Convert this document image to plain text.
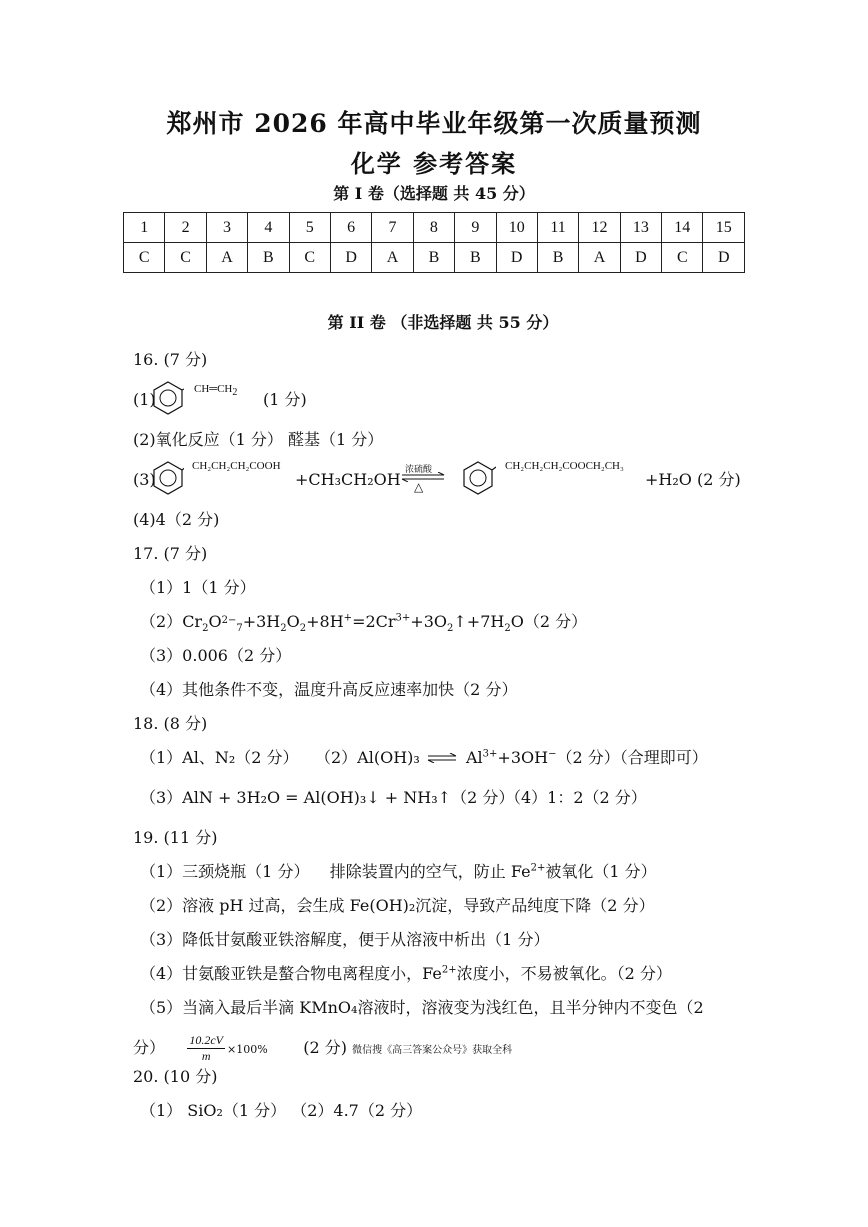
郑州市 2026 年高中毕业年级第一次质量预测
化学 参考答案
第 I 卷（选择题 共 45 分）
1	2	3	4	5	6	7	8	9	10	11	12	13	14	15
C	C	A	B	C	D	A	B	B	D	B	A	D	C	D
第 II 卷 （非选择题 共 55 分）
16. (7 分)
(1)
$CH═CH_2$ (1 分)
(2)氧化反应（1 分） 醛基（1 分）
(3)
CH₂CH₂CH₂COOH
+CH₃CH₂OH
浓硫酸
△
CH₂CH₂CH₂COOCH₂CH₃
+H₂O (2 分)
(4)4（2 分)
17. (7 分)
（1）1（1 分）
$(2)Cr_2O_{2-7}+3H_2O_2+8H^+=2Cr^{3+}+3O_2↑+7H_2O(2$ 分）
（3）0.006（2 分）
（4）其他条件不变，温度升高反应速率加快（2 分）
18. (8 分)
（1）Al、N₂（2 分） （2）Al(OH)₃ ⇌ $Al^{3+}+3OH^-(2$ 分）（合理即可）
（3）AlN + 3H₂O = Al(OH)₃↓ + NH₃↑（2 分）
（4）1：2（2 分）
19. (11 分)
（1）三颈烧瓶（1 分） 排除装置内的空气，防止 $Fe^{2+}$被氧化（1 分）
（2）溶液 pH 过高，会生成 Fe(OH)₂沉淀，导致产品纯度下降（2 分）
（3）降低甘氨酸亚铁溶解度，便于从溶液中析出（1 分）
（4）甘氨酸亚铁是螯合物电离程度小，$Fe^{2+}$浓度小，不易被氧化。（2 分）
（5）当滴入最后半滴 KMnO₄溶液时，溶液变为浅红色，且半分钟内不变色（2
分） $\frac{10.2cV}{m} \times 100\%$ (2 分) 微信搜《高三答案公众号》获取全科
20. (10 分)
（1） SiO₂（1 分） （2）4.7（2 分）
